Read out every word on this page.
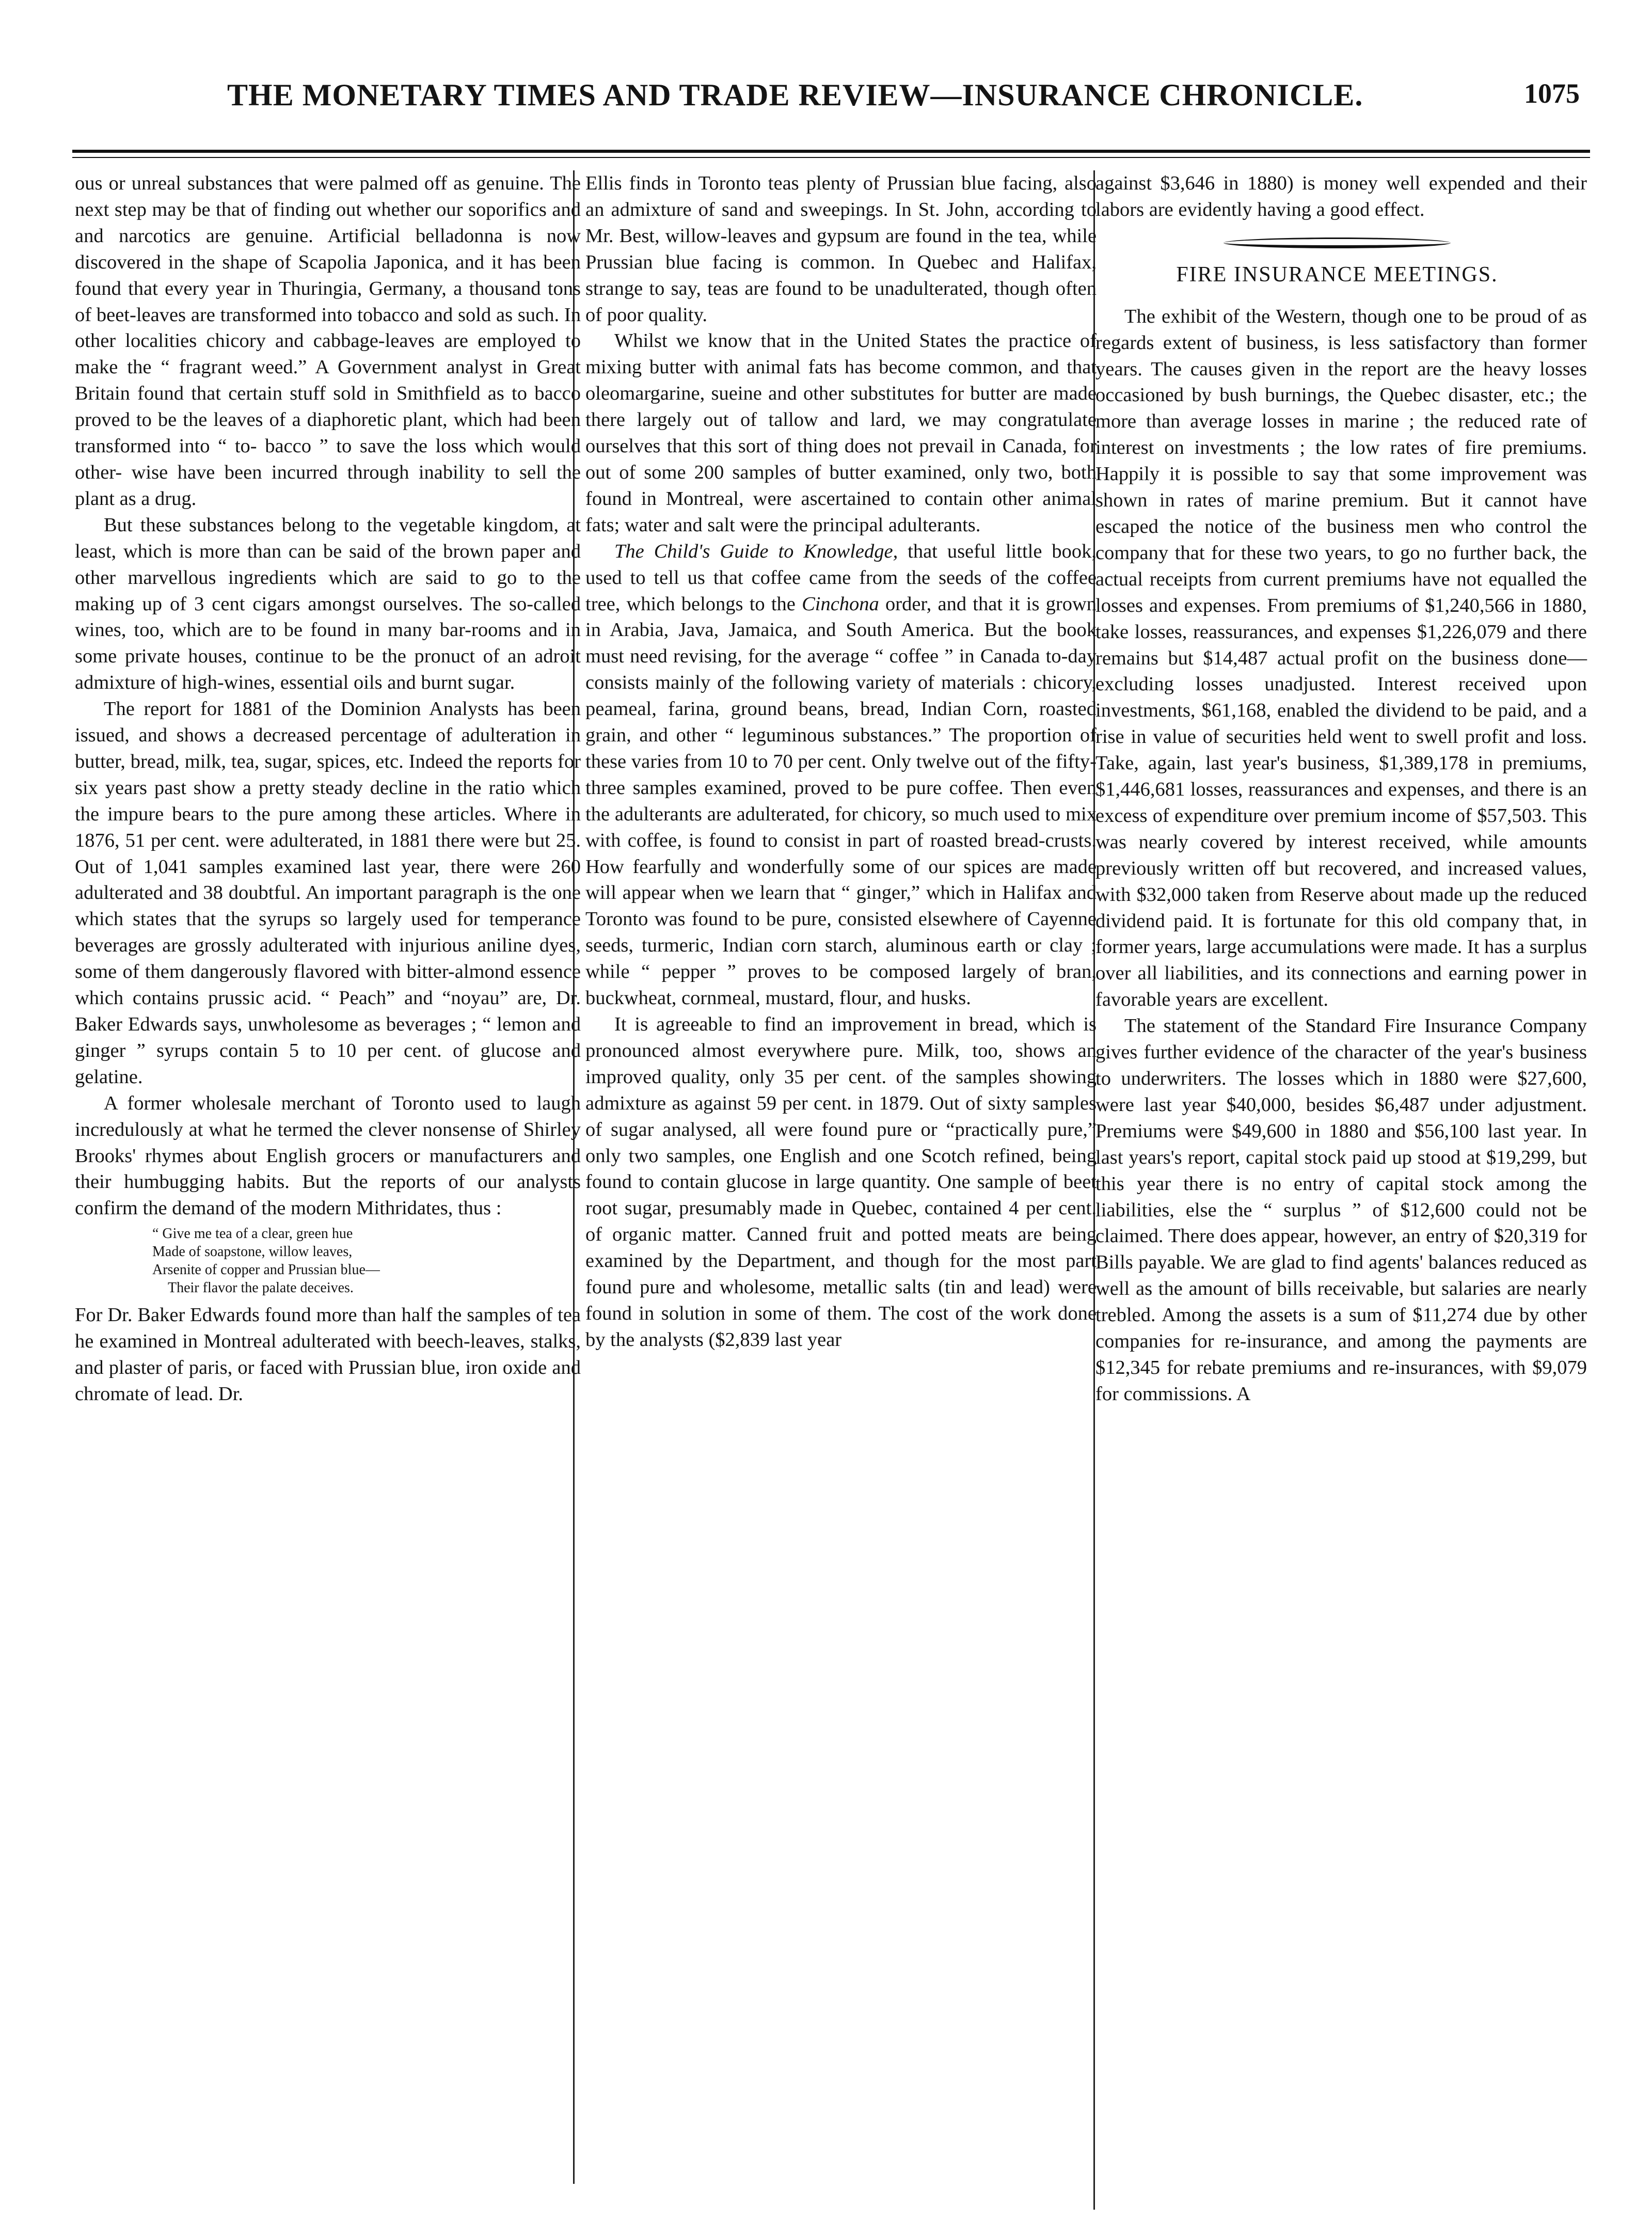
THE MONETARY TIMES AND TRADE REVIEW—INSURANCE CHRONICLE.	1075

ous or unreal substances that were palmed off as genuine. The next step may be that of finding out whether our soporifics and and narcotics are genuine. Artificial belladonna is now discovered in the shape of Scapolia Japonica, and it has been found that every year in Thuringia, Germany, a thousand tons of beet-leaves are transformed into tobacco and sold as such. In other localities chicory and cabbage-leaves are employed to make the “ fragrant weed.” A Government analyst in Great Britain found that certain stuff sold in Smithfield as to bacco proved to be the leaves of a diaphoretic plant, which had been transformed into “ to- bacco ” to save the loss which would other- wise have been incurred through inability to sell the plant as a drug.

But these substances belong to the vegetable kingdom, at least, which is more than can be said of the brown paper and other marvellous ingredients which are said to go to the making up of 3 cent cigars amongst ourselves. The so-called wines, too, which are to be found in many bar-rooms and in some private houses, continue to be the pronuct of an adroit admixture of high-wines, essential oils and burnt sugar.

The report for 1881 of the Dominion Analysts has been issued, and shows a decreased percentage of adulteration in butter, bread, milk, tea, sugar, spices, etc. Indeed the reports for six years past show a pretty steady decline in the ratio which the impure bears to the pure among these articles. Where in 1876, 51 per cent. were adulterated, in 1881 there were but 25. Out of 1,041 samples examined last year, there were 260 adulterated and 38 doubtful. An important paragraph is the one which states that the syrups so largely used for temperance beverages are grossly adulterated with injurious aniline dyes, some of them dangerously flavored with bitter-almond essence which contains prussic acid. “ Peach” and “noyau” are, Dr. Baker Edwards says, unwholesome as beverages ; “ lemon and ginger ” syrups contain 5 to 10 per cent. of glucose and gelatine.

A former wholesale merchant of Toronto used to laugh incredulously at what he termed the clever nonsense of Shirley Brooks' rhymes about English grocers or manufacturers and their humbugging habits. But the reports of our analysts confirm the demand of the modern Mithridates, thus :

“ Give me tea of a clear, green hue
Made of soapstone, willow leaves,
Arsenite of copper and Prussian blue—
Their flavor the palate deceives.

For Dr. Baker Edwards found more than half the samples of tea he examined in Montreal adulterated with beech-leaves, stalks, and plaster of paris, or faced with Prussian blue, iron oxide and chromate of lead. Dr.

Ellis finds in Toronto teas plenty of Prussian blue facing, also an admixture of sand and sweepings. In St. John, according to Mr. Best, willow-leaves and gypsum are found in the tea, while Prussian blue facing is common. In Quebec and Halifax, strange to say, teas are found to be unadulterated, though often of poor quality.

Whilst we know that in the United States the practice of mixing butter with animal fats has become common, and that oleomargarine, sueine and other substitutes for butter are made there largely out of tallow and lard, we may congratulate ourselves that this sort of thing does not prevail in Canada, for out of some 200 samples of butter examined, only two, both found in Montreal, were ascertained to contain other animal fats; water and salt were the principal adulterants.

The Child's Guide to Knowledge, that useful little book, used to tell us that coffee came from the seeds of the coffee tree, which belongs to the Cinchona order, and that it is grown in Arabia, Java, Jamaica, and South America. But the book must need revising, for the average “ coffee ” in Canada to-day consists mainly of the following variety of materials : chicory, peameal, farina, ground beans, bread, Indian Corn, roasted grain, and other “ leguminous substances.” The proportion of these varies from 10 to 70 per cent. Only twelve out of the fifty-three samples examined, proved to be pure coffee. Then even the adulterants are adulterated, for chicory, so much used to mix with coffee, is found to consist in part of roasted bread-crusts. How fearfully and wonderfully some of our spices are made will appear when we learn that “ ginger,” which in Halifax and Toronto was found to be pure, consisted elsewhere of Cayenne seeds, turmeric, Indian corn starch, aluminous earth or clay ; while “ pepper ” proves to be composed largely of bran, buckwheat, cornmeal, mustard, flour, and husks.

It is agreeable to find an improvement in bread, which is pronounced almost everywhere pure. Milk, too, shows an improved quality, only 35 per cent. of the samples showing admixture as against 59 per cent. in 1879. Out of sixty samples of sugar analysed, all were found pure or “practically pure,” only two samples, one English and one Scotch refined, being found to contain glucose in large quantity. One sample of beet root sugar, presumably made in Quebec, contained 4 per cent. of organic matter. Canned fruit and potted meats are being examined by the Department, and though for the most part found pure and wholesome, metallic salts (tin and lead) were found in solution in some of them. The cost of the work done by the analysts ($2,839 last year

against $3,646 in 1880) is money well expended and their labors are evidently having a good effect.

FIRE INSURANCE MEETINGS.

The exhibit of the Western, though one to be proud of as regards extent of business, is less satisfactory than former years. The causes given in the report are the heavy losses occasioned by bush burnings, the Quebec disaster, etc.; the more than average losses in marine ; the reduced rate of interest on investments ; the low rates of fire premiums. Happily it is possible to say that some improvement was shown in rates of marine premium. But it cannot have escaped the notice of the business men who control the company that for these two years, to go no further back, the actual receipts from current premiums have not equalled the losses and expenses. From premiums of $1,240,566 in 1880, take losses, reassurances, and expenses $1,226,079 and there remains but $14,487 actual profit on the business done—excluding losses unadjusted. Interest received upon investments, $61,168, enabled the dividend to be paid, and a rise in value of securities held went to swell profit and loss. Take, again, last year's business, $1,389,178 in premiums, $1,446,681 losses, reassurances and expenses, and there is an excess of expenditure over premium income of $57,503. This was nearly covered by interest received, while amounts previously written off but recovered, and increased values, with $32,000 taken from Reserve about made up the reduced dividend paid. It is fortunate for this old company that, in former years, large accumulations were made. It has a surplus over all liabilities, and its connections and earning power in favorable years are excellent.

The statement of the Standard Fire Insurance Company gives further evidence of the character of the year's business to underwriters. The losses which in 1880 were $27,600, were last year $40,000, besides $6,487 under adjustment. Premiums were $49,600 in 1880 and $56,100 last year. In last years's report, capital stock paid up stood at $19,299, but this year there is no entry of capital stock among the liabilities, else the “ surplus ” of $12,600 could not be claimed. There does appear, however, an entry of $20,319 for Bills payable. We are glad to find agents' balances reduced as well as the amount of bills receivable, but salaries are nearly trebled. Among the assets is a sum of $11,274 due by other companies for re-insurance, and among the payments are $12,345 for rebate premiums and re-insurances, with $9,079 for commissions. A
